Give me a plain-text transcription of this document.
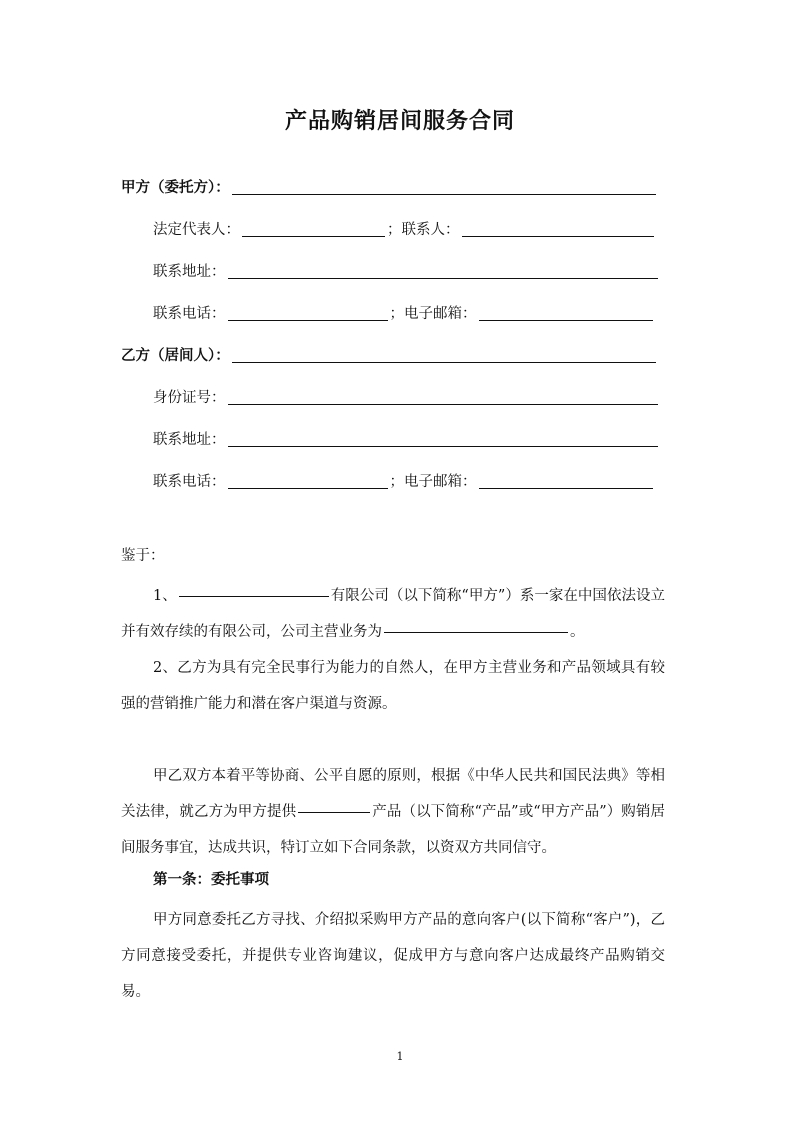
产品购销居间服务合同
甲方（委托方）：
法定代表人：	；联系人：
联系地址：
联系电话：	；电子邮箱：
乙方（居间人）：
身份证号：
联系地址：
联系电话：	；电子邮箱：
鉴于：
1、	有限公司（以下简称“甲方”）系一家在中国依法设立并有效存续的有限公司，公司主营业务为	。
2、乙方为具有完全民事行为能力的自然人，在甲方主营业务和产品领域具有较强的营销推广能力和潜在客户渠道与资源。
甲乙双方本着平等协商、公平自愿的原则，根据《中华人民共和国民法典》等相关法律，就乙方为甲方提供	产品（以下简称“产品”或“甲方产品”）购销居间服务事宜，达成共识，特订立如下合同条款，以资双方共同信守。
第一条：委托事项
甲方同意委托乙方寻找、介绍拟采购甲方产品的意向客户(以下简称“客户”)，乙方同意接受委托，并提供专业咨询建议，促成甲方与意向客户达成最终产品购销交易。
1
